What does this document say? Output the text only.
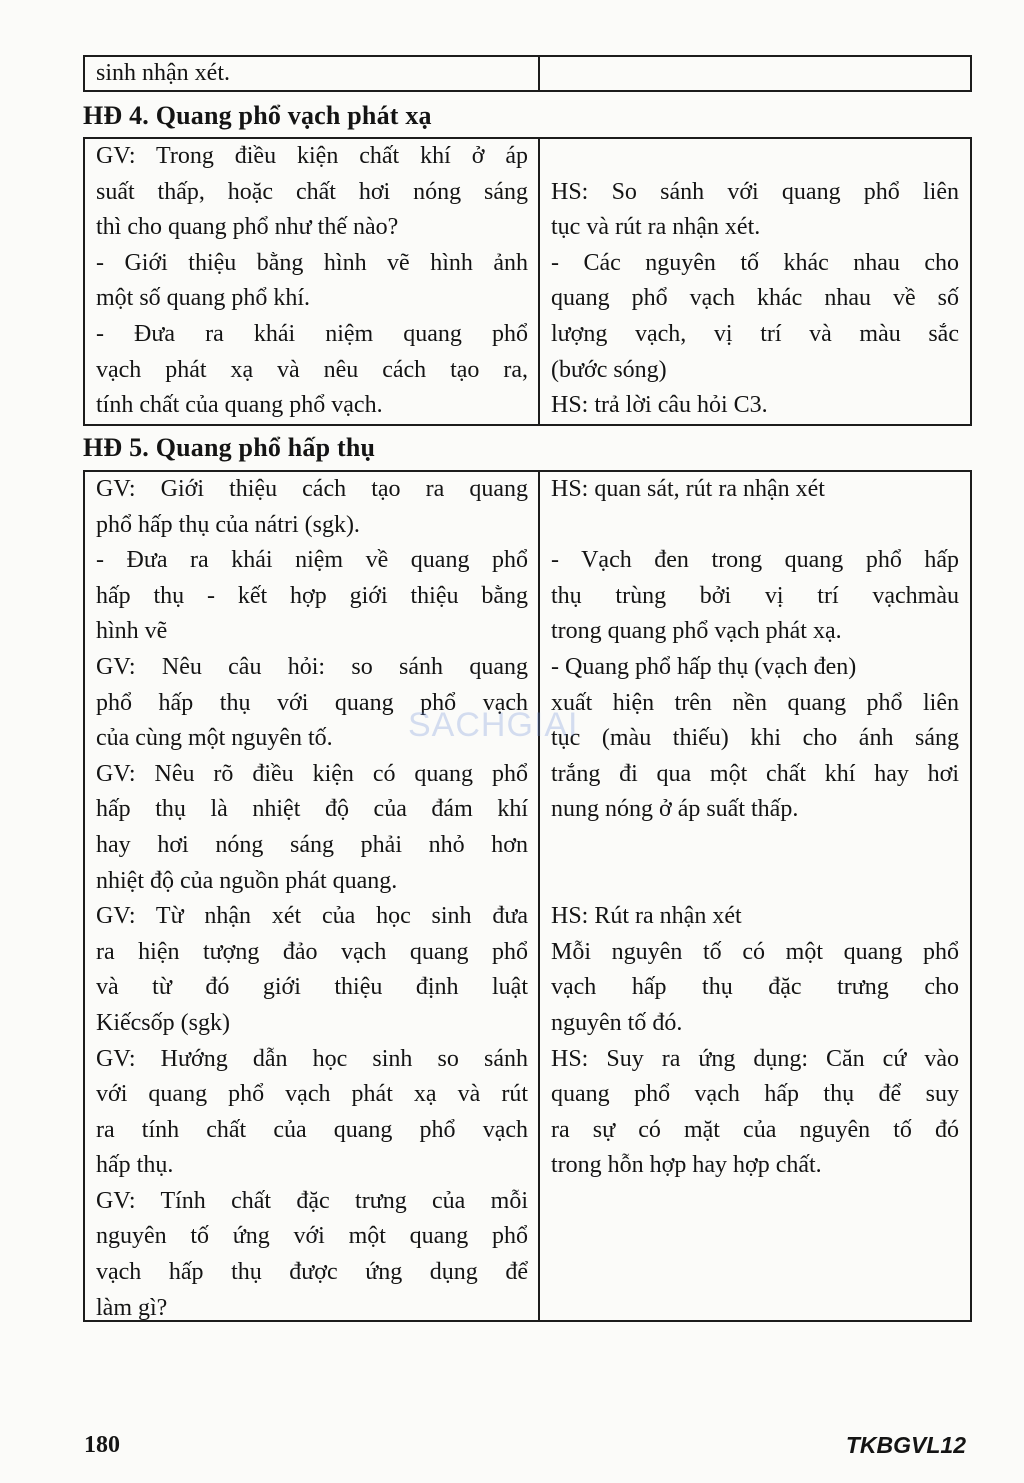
sinh nhận xét.
HĐ 4. Quang phổ vạch phát xạ
GV: Trong điều kiện chất khí ở áp
suất thấp, hoặc chất hơi nóng sáng
thì cho quang phổ như thế nào?
- Giới thiệu bằng hình vẽ hình ảnh
một số quang phổ khí.
- Đưa ra khái niệm quang phổ
vạch phát xạ và nêu cách tạo ra,
tính chất của quang phổ vạch.

HS: So sánh với quang phổ liên
tục và rút ra nhận xét.
- Các nguyên tố khác nhau cho
quang phổ vạch khác nhau về số
lượng vạch, vị trí và màu sắc
(bước sóng)
HS: trả lời câu hỏi C3.
HĐ 5. Quang phổ hấp thụ
GV: Giới thiệu cách tạo ra quang
phổ hấp thụ của nátri (sgk).
- Đưa ra khái niệm về quang phổ
hấp thụ - kết hợp giới thiệu bằng
hình vẽ
GV: Nêu câu hỏi: so sánh quang
phổ hấp thụ với quang phổ vạch
của cùng một nguyên tố.
GV: Nêu rõ điều kiện có quang phổ
hấp thụ là nhiệt độ của đám khí
hay hơi nóng sáng phải nhỏ hơn
nhiệt độ của nguồn phát quang.
GV: Từ nhận xét của học sinh đưa
ra hiện tượng đảo vạch quang phổ
và từ đó giới thiệu định luật
Kiếcsốp (sgk)
GV: Hướng dẫn học sinh so sánh
với quang phổ vạch phát xạ và rút
ra tính chất của quang phổ vạch
hấp thụ.
GV: Tính chất đặc trưng của mỗi
nguyên tố ứng với một quang phổ
vạch hấp thụ được ứng dụng để
làm gì?
HS: quan sát, rút ra nhận xét

- Vạch đen trong quang phổ hấp
thụ trùng bởi vị trí vạchmàu
trong quang phổ vạch phát xạ.
- Quang phổ hấp thụ (vạch đen)
xuất hiện trên nền quang phổ liên
tục (màu thiếu) khi cho ánh sáng
trắng đi qua một chất khí hay hơi
nung nóng ở áp suất thấp.

HS: Rút ra nhận xét
Mỗi nguyên tố có một quang phổ
vạch hấp thụ đặc trưng cho
nguyên tố đó.
HS: Suy ra ứng dụng: Căn cứ vào
quang phổ vạch hấp thụ để suy
ra sự có mặt của nguyên tố đó
trong hỗn hợp hay hợp chất.
SACHGIAI
180	TKBGVL12
